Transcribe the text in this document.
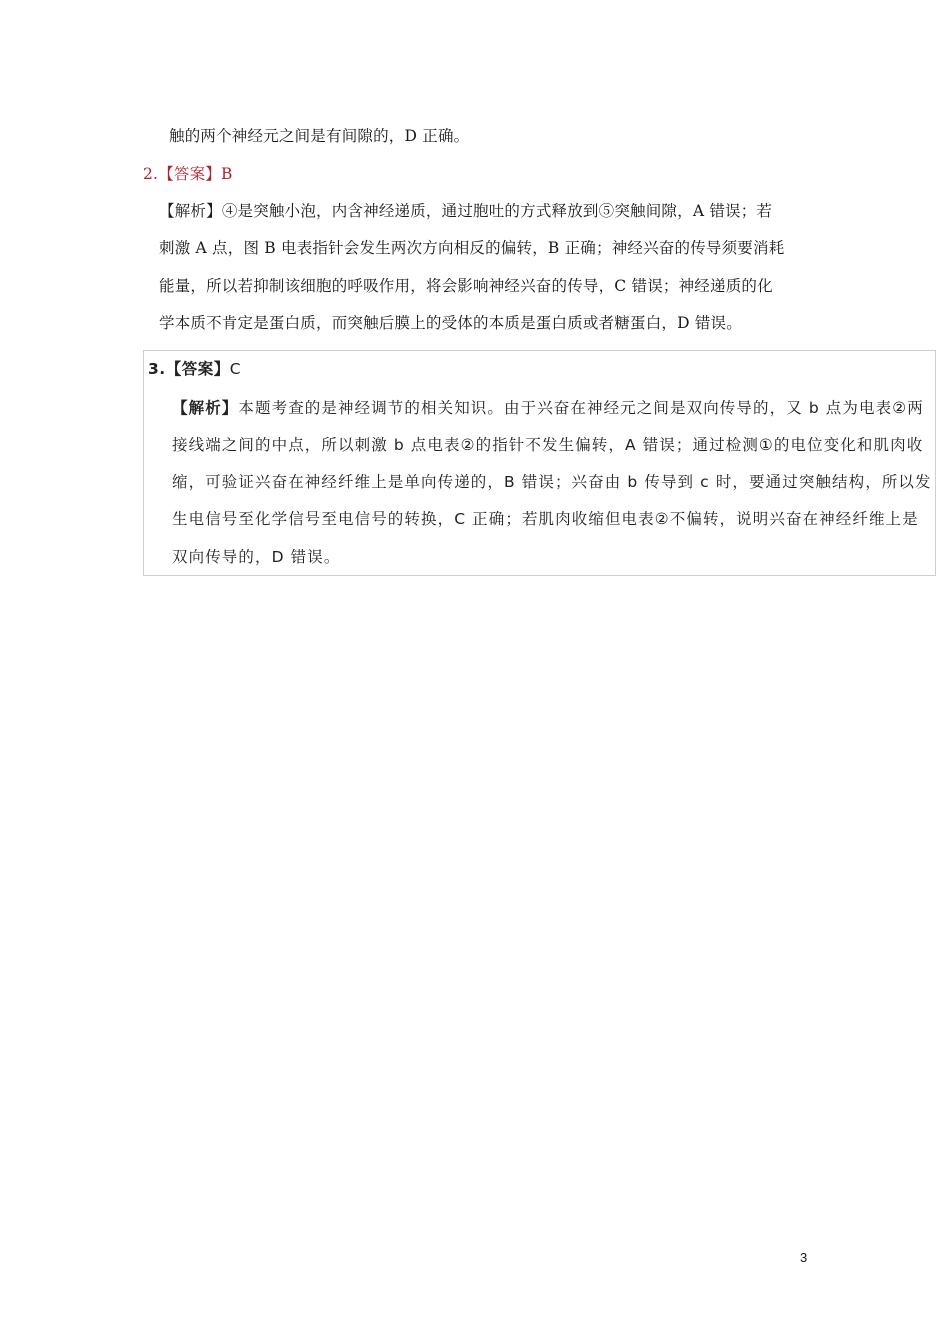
触的两个神经元之间是有间隙的，D 正确。
2.【答案】B
【解析】④是突触小泡，内含神经递质，通过胞吐的方式释放到⑤突触间隙，A 错误；若
刺激 A 点，图 B 电表指针会发生两次方向相反的偏转，B 正确；神经兴奋的传导须要消耗
能量，所以若抑制该细胞的呼吸作用，将会影响神经兴奋的传导，C 错误；神经递质的化
学本质不肯定是蛋白质，而突触后膜上的受体的本质是蛋白质或者糖蛋白，D 错误。
3.【答案】C
【解析】本题考查的是神经调节的相关知识。由于兴奋在神经元之间是双向传导的，又 b 点为电表②两
接线端之间的中点，所以刺激 b 点电表②的指针不发生偏转，A 错误；通过检测①的电位变化和肌肉收
缩，可验证兴奋在神经纤维上是单向传递的，B 错误；兴奋由 b 传导到 c 时，要通过突触结构，所以发
生电信号至化学信号至电信号的转换，C 正确；若肌肉收缩但电表②不偏转，说明兴奋在神经纤维上是
双向传导的，D 错误。
3
